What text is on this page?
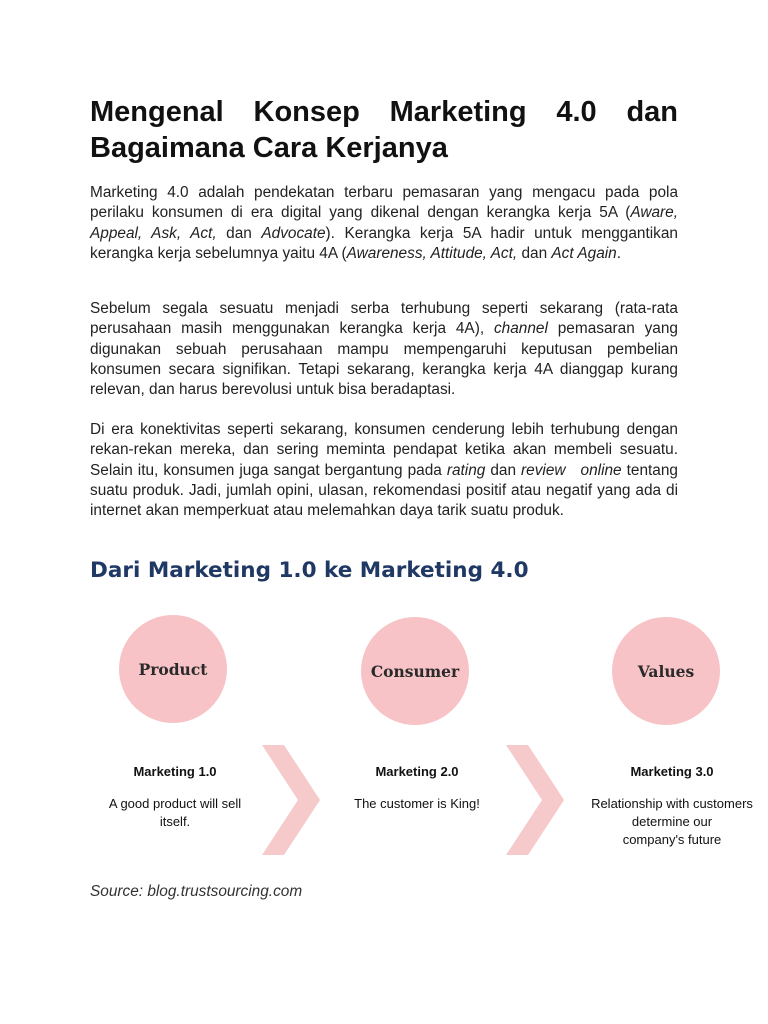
Mengenal Konsep Marketing 4.0 dan Bagaimana Cara Kerjanya

Marketing 4.0 adalah pendekatan terbaru pemasaran yang mengacu pada pola perilaku konsumen di era digital yang dikenal dengan kerangka kerja 5A (Aware, Appeal, Ask, Act, dan Advocate). Kerangka kerja 5A hadir untuk menggantikan kerangka kerja sebelumnya yaitu 4A (Awareness, Attitude, Act, dan Act Again.

Sebelum segala sesuatu menjadi serba terhubung seperti sekarang (rata-rata perusahaan masih menggunakan kerangka kerja 4A), channel pemasaran yang digunakan sebuah perusahaan mampu mempengaruhi keputusan pembelian konsumen secara signifikan. Tetapi sekarang, kerangka kerja 4A dianggap kurang relevan, dan harus berevolusi untuk bisa beradaptasi.

Di era konektivitas seperti sekarang, konsumen cenderung lebih terhubung dengan rekan-rekan mereka, dan sering meminta pendapat ketika akan membeli sesuatu. Selain itu, konsumen juga sangat bergantung pada rating dan review   online tentang suatu produk. Jadi, jumlah opini, ulasan, rekomendasi positif atau negatif yang ada di internet akan memperkuat atau melemahkan daya tarik suatu produk.

Dari Marketing 1.0 ke Marketing 4.0
Product
Marketing 1.0
A good product will sell
itself.
Consumer
Marketing 2.0
The customer is King!
Values
Marketing 3.0
Relationship with customers
determine our
company's future

Source: blog.trustsourcing.com
